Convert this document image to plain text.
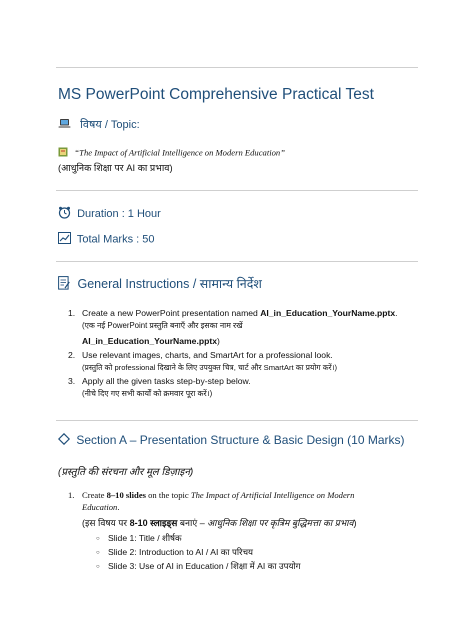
MS PowerPoint Comprehensive Practical Test
विषय / Topic:
“The Impact of Artificial Intelligence on Modern Education”
(आधुनिक शिक्षा पर AI का प्रभाव)
Duration : 1 Hour
Total Marks : 50
General Instructions / सामान्य निर्देश
1. Create a new PowerPoint presentation named AI_in_Education_YourName.pptx.
(एक नई PowerPoint प्रस्तुति बनाएँ और इसका नाम रखें
AI_in_Education_YourName.pptx)
2. Use relevant images, charts, and SmartArt for a professional look.
(प्रस्तुति को professional दिखाने के लिए उपयुक्त चित्र, चार्ट और SmartArt का प्रयोग करें।)
3. Apply all the given tasks step-by-step below.
(नीचे दिए गए सभी कार्यों को क्रमवार पूरा करें।)
Section A – Presentation Structure & Basic Design (10 Marks)
(प्रस्तुति की संरचना और मूल डिज़ाइन)
1. Create 8–10 slides on the topic The Impact of Artificial Intelligence on Modern
Education.
(इस विषय पर 8-10 स्लाइड्स बनाएं – आधुनिक शिक्षा पर कृत्रिम बुद्धिमत्ता का प्रभाव)
○ Slide 1: Title / शीर्षक
○ Slide 2: Introduction to AI / AI का परिचय
○ Slide 3: Use of AI in Education / शिक्षा में AI का उपयोग
